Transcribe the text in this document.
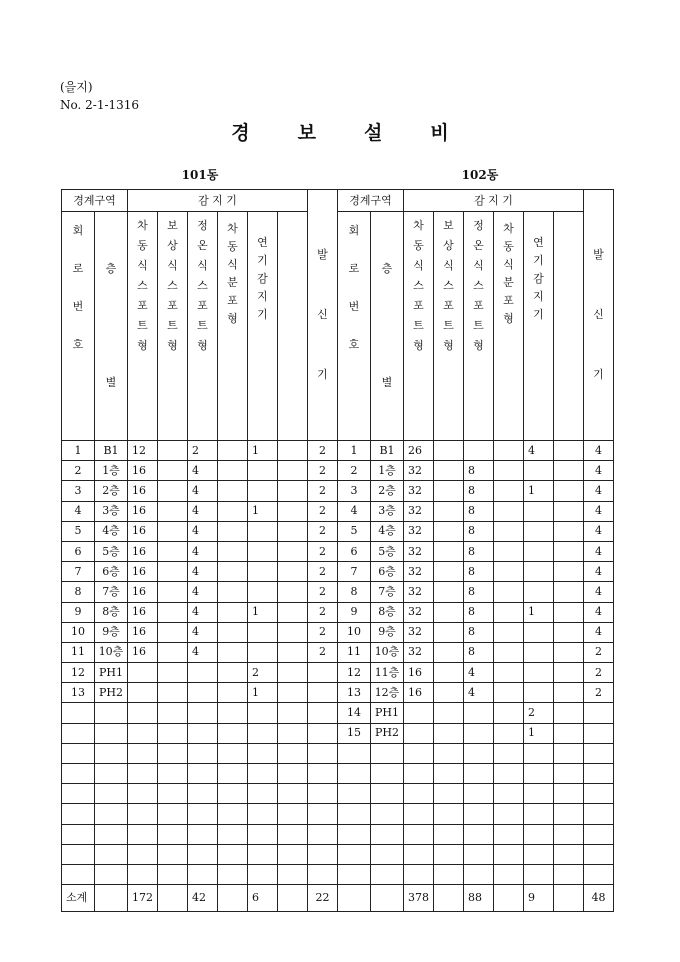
(을지)
No. 2-1-1316
경보설비
101동	102동
경계구역		감 지 기						발신기	경계구역		감 지 기						발신기
회로번호	층별	차동식스포트형	보상식스포트형	정온식스포트형	차동식분포형	연기감지기			회로번호	층별	차동식스포트형	보상식스포트형	정온식스포트형	차동식분포형	연기감지기		
1	B1	12		2		1		2	1	B1	26				4		4
2	1층	16		4				2	2	1층	32		8				4
3	2층	16		4				2	3	2층	32		8		1		4
4	3층	16		4		1		2	4	3층	32		8				4
5	4층	16		4				2	5	4층	32		8				4
6	5층	16		4				2	6	5층	32		8				4
7	6층	16		4				2	7	6층	32		8				4
8	7층	16		4				2	8	7층	32		8				4
9	8층	16		4		1		2	9	8층	32		8		1		4
10	9층	16		4				2	10	9층	32		8				4
11	10층	16		4				2	11	10층	32		8				2
12	PH1					2			12	11층	16		4				2
13	PH2					1			13	12층	16		4				2
									14	PH1					2		
									15	PH2					1		

소계		172		42		6		22			378		88		9		48
